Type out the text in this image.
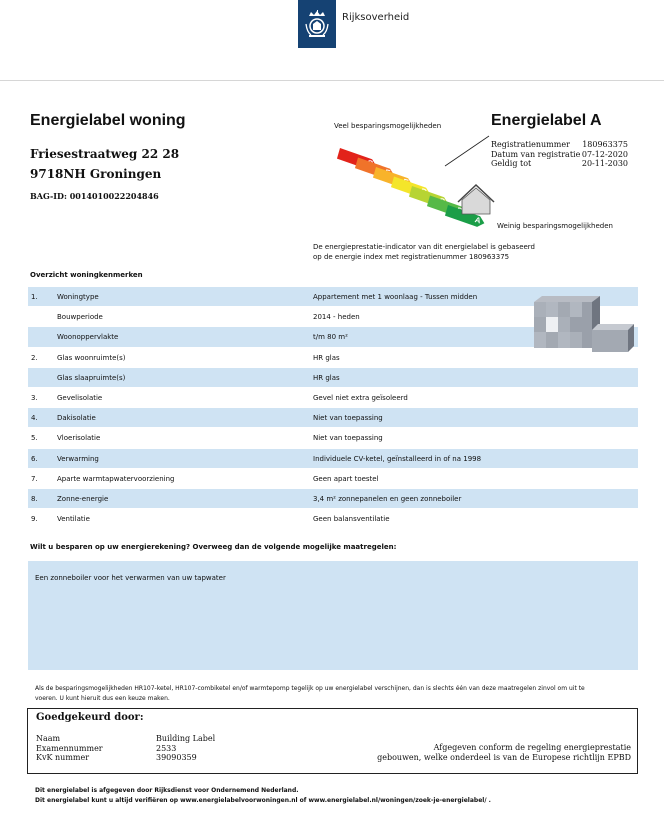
Rijksoverheid
Energielabel woning
Friesestraatweg 22 28
9718NH Groningen
BAG-ID: 0014010022204846
Veel besparingsmogelijkheden
A
Weinig besparingsmogelijkheden
Energielabel A
Registratienummer 180963375
Datum van registratie 07-12-2020
Geldig tot	20-11-2030
De energieprestatie-indicator van dit energielabel is gebaseerd
op de energie index met registratienummer 180963375
Overzicht woningkenmerken
1.	Woningtype	Appartement met 1 woonlaag - Tussen midden
Bouwperiode	2014 - heden
Woonoppervlakte	t/m 80 m²
2.	Glas woonruimte(s)	HR glas
Glas slaapruimte(s)	HR glas
3.	Gevelisolatie	Gevel niet extra geïsoleerd
4.	Dakisolatie	Niet van toepassing
5.	Vloerisolatie	Niet van toepassing
6.	Verwarming	Individuele CV-ketel, geïnstalleerd in of na 1998
7.	Aparte warmtapwatervoorziening	Geen apart toestel
8.	Zonne-energie	3,4 m² zonnepanelen en geen zonneboiler
9.	Ventilatie	Geen balansventilatie
Wilt u besparen op uw energierekening? Overweeg dan de volgende mogelijke maatregelen:
Een zonneboiler voor het verwarmen van uw tapwater
Als de besparingsmogelijkheden HR107-ketel, HR107-combiketel en/of warmtepomp tegelijk op uw energielabel verschijnen, dan is slechts één van deze maatregelen zinvol om uit te
voeren. U kunt hieruit dus een keuze maken.
Goedgekeurd door:
Naam	Building Label
Examennummer	2533
KvK nummer	39090359
Afgegeven conform de regeling energieprestatie
gebouwen, welke onderdeel is van de Europese richtlijn EPBD
Dit energielabel is afgegeven door Rijksdienst voor Ondernemend Nederland.
Dit energielabel kunt u altijd verifiëren op www.energielabelvoorwoningen.nl of www.energielabel.nl/woningen/zoek-je-energielabel/ .
